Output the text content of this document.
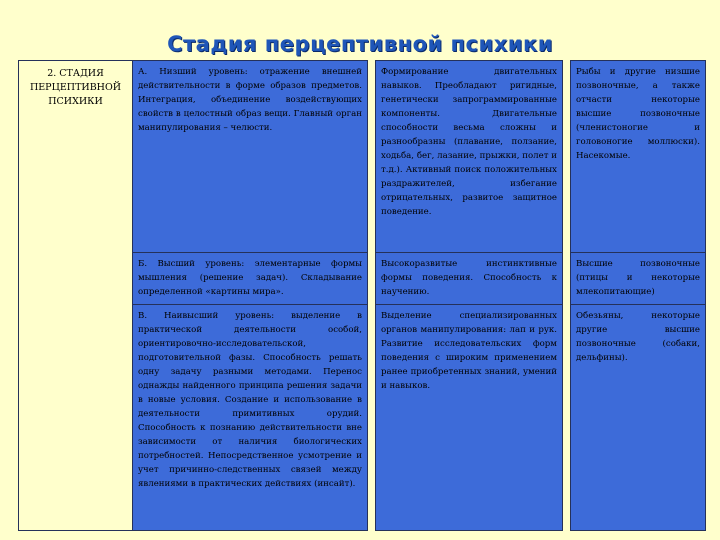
Стадия перцептивной психики
2. СТАДИЯ ПЕРЦЕПТИВНОЙ ПСИХИКИ	А. Низший уровень: отражение внешней действительности в форме образов предметов. Интеграция, объединение воздействующих свойств в целостный образ вещи. Главный орган манипулирования – челюсти.		Формирование двигательных навыков. Преобладают ригидные, генетически запрограммированные компоненты. Двигательные способности весьма сложны и разнообразны (плавание, ползание, ходьба, бег, лазание, прыжки, полет и т.д.). Активный поиск положительных раздражителей, избегание отрицательных, развитое защитное поведение.		Рыбы и другие низшие позвоночные, а также отчасти некоторые высшие позвоночные (членистоногие и головоногие моллюски). Насекомые.
	Б. Высший уровень: элементарные формы мышления (решение задач). Складывание определенной «картины мира».		Высокоразвитые инстинктивные формы поведения. Способность к научению.		Высшие позвоночные (птицы и некоторые млекопитающие)
	В. Наивысший уровень: выделение в практической деятельности особой, ориентировочно-исследовательской, подготовительной фазы. Способность решать одну задачу разными методами. Перенос однажды найденного принципа решения задачи в новые условия. Создание и использование в деятельности примитивных орудий. Способность к познанию действительности вне зависимости от наличия биологических потребностей. Непосредственное усмотрение и учет причинно-следственных связей между явлениями в практических действиях (инсайт).		Выделение специализированных органов манипулирования: лап и рук. Развитие исследовательских форм поведения с широким применением ранее приобретенных знаний, умений и навыков.		Обезьяны, некоторые другие высшие позвоночные (собаки, дельфины).
